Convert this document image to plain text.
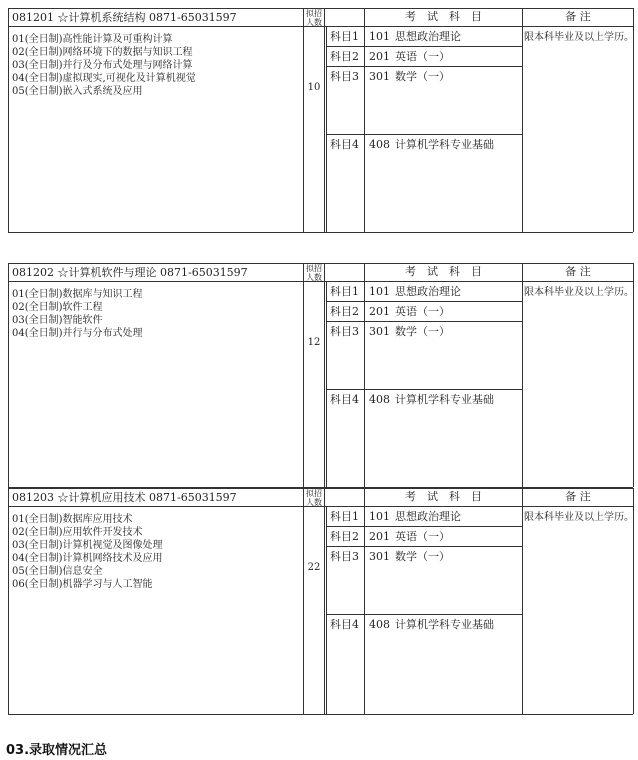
081201 ☆计算机系统结构 0871-65031597	拟招
人数	考　试　科　目	备 注
01(全日制)高性能计算及可重构计算
02(全日制)网络环境下的数据与知识工程
03(全日制)并行及分布式处理与网络计算
04(全日制)虚拟现实,可视化及计算机视觉
05(全日制)嵌入式系统及应用	10
科目1 101 思想政治理论
科目2 201 英语（一）
科目3 301 数学（一）
科目4 408 计算机学科专业基础
限本科毕业及以上学历。
081202 ☆计算机软件与理论 0871-65031597	拟招
人数	考　试　科　目	备 注
01(全日制)数据库与知识工程
02(全日制)软件工程
03(全日制)智能软件
04(全日制)并行与分布式处理
12
科目1 101 思想政治理论
科目2 201 英语（一）
科目3 301 数学（一）
科目4 408 计算机学科专业基础
限本科毕业及以上学历。
081203 ☆计算机应用技术 0871-65031597	拟招
人数	考　试　科　目	备 注
01(全日制)数据库应用技术
02(全日制)应用软件开发技术
03(全日制)计算机视觉及图像处理
04(全日制)计算机网络技术及应用
05(全日制)信息安全
06(全日制)机器学习与人工智能
22
科目1 101 思想政治理论
科目2 201 英语（一）
科目3 301 数学（一）
科目4 408 计算机学科专业基础
限本科毕业及以上学历。
03.录取情况汇总
